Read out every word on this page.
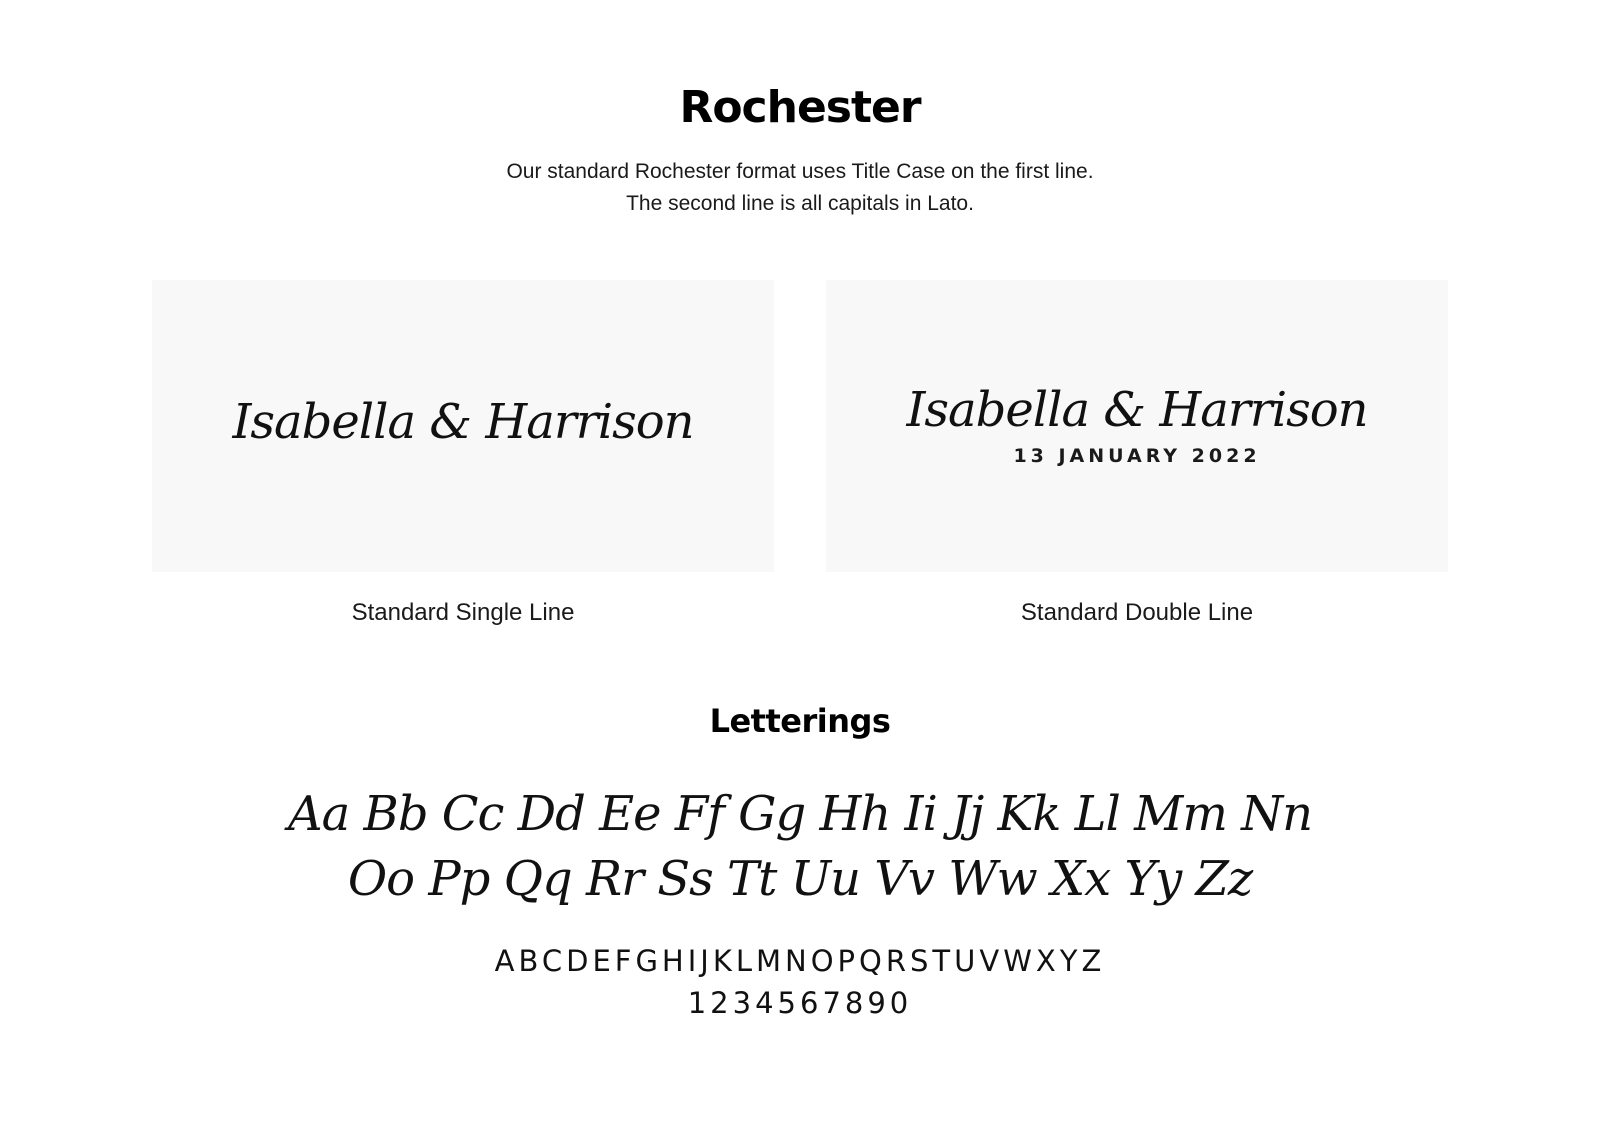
Rochester
Our standard Rochester format uses Title Case on the first line.
The second line is all capitals in Lato.
Isabella & Harrison	Isabella & Harrison
13 JANUARY 2022
Standard Single Line	Standard Double Line
Letterings
Aa Bb Cc Dd Ee Ff Gg Hh Ii Jj Kk Ll Mm Nn
Oo Pp Qq Rr Ss Tt Uu Vv Ww Xx Yy Zz
ABCDEFGHIJKLMNOPQRSTUVWXYZ
1234567890
